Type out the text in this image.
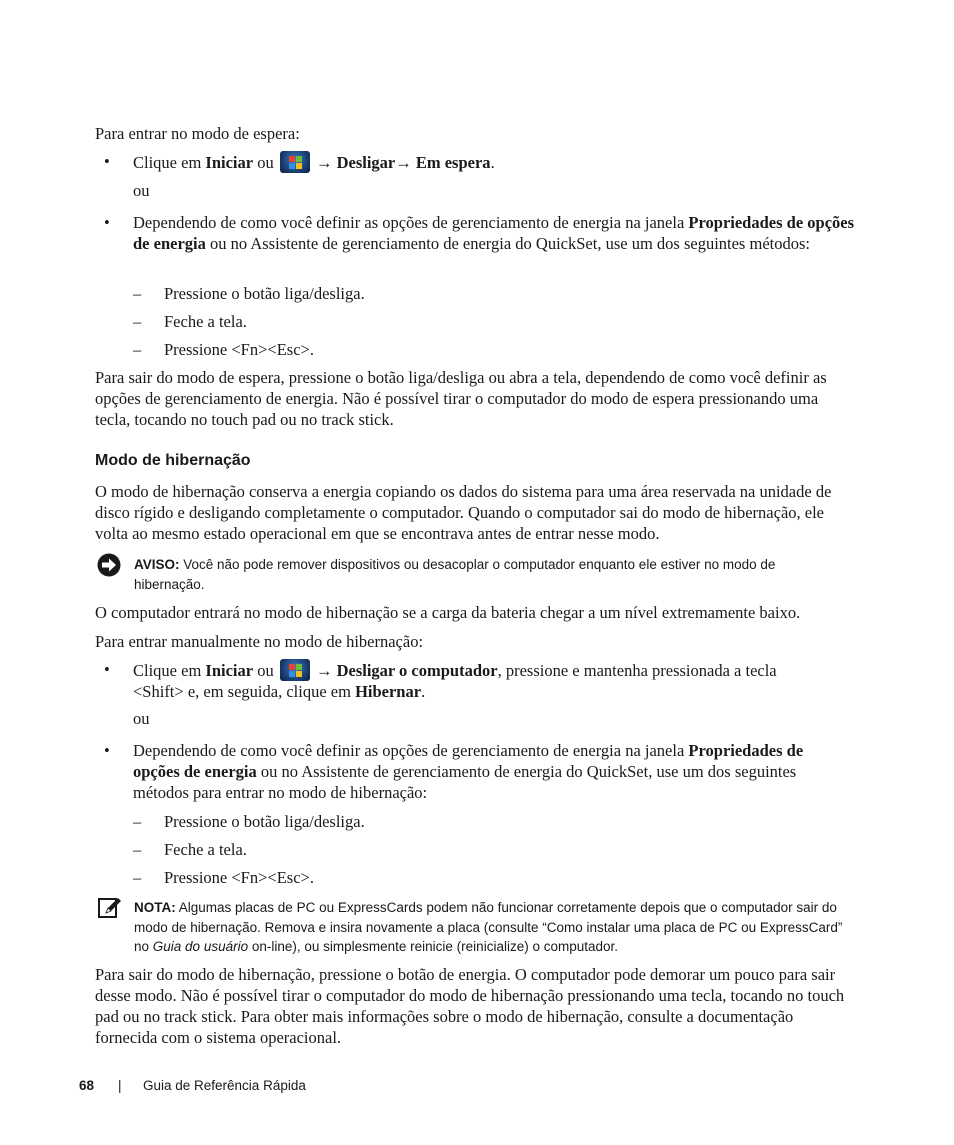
Para entrar no modo de espera:

• Clique em Iniciar ou
→ Desligar→ Em espera.

ou

• Dependendo de como você definir as opções de gerenciamento de energia na janela Propriedades de opções de energia ou no Assistente de gerenciamento de energia do QuickSet, use um dos seguintes métodos:

– Pressione o botão liga/desliga.

– Feche a tela.

– Pressione <Fn><Esc>.

Para sair do modo de espera, pressione o botão liga/desliga ou abra a tela, dependendo de como você definir as opções de gerenciamento de energia. Não é possível tirar o computador do modo de espera pressionando uma tecla, tocando no touch pad ou no track stick.

Modo de hibernação

O modo de hibernação conserva a energia copiando os dados do sistema para uma área reservada na unidade de disco rígido e desligando completamente o computador. Quando o computador sai do modo de hibernação, ele volta ao mesmo estado operacional em que se encontrava antes de entrar nesse modo.

AVISO: Você não pode remover dispositivos ou desacoplar o computador enquanto ele estiver no modo de hibernação.

O computador entrará no modo de hibernação se a carga da bateria chegar a um nível extremamente baixo.

Para entrar manualmente no modo de hibernação:

• Clique em Iniciar ou
→ Desligar o computador, pressione e mantenha pressionada a tecla <Shift> e, em seguida, clique em Hibernar.

ou

• Dependendo de como você definir as opções de gerenciamento de energia na janela Propriedades de opções de energia ou no Assistente de gerenciamento de energia do QuickSet, use um dos seguintes métodos para entrar no modo de hibernação:

– Pressione o botão liga/desliga.

– Feche a tela.

– Pressione <Fn><Esc>.

NOTA: Algumas placas de PC ou ExpressCards podem não funcionar corretamente depois que o computador sair do modo de hibernação. Remova e insira novamente a placa (consulte “Como instalar uma placa de PC ou ExpressCard” no Guia do usuário on-line), ou simplesmente reinicie (reinicialize) o computador.

Para sair do modo de hibernação, pressione o botão de energia. O computador pode demorar um pouco para sair desse modo. Não é possível tirar o computador do modo de hibernação pressionando uma tecla, tocando no touch pad ou no track stick. Para obter mais informações sobre o modo de hibernação, consulte a documentação fornecida com o sistema operacional.

68 | Guia de Referência Rápida
